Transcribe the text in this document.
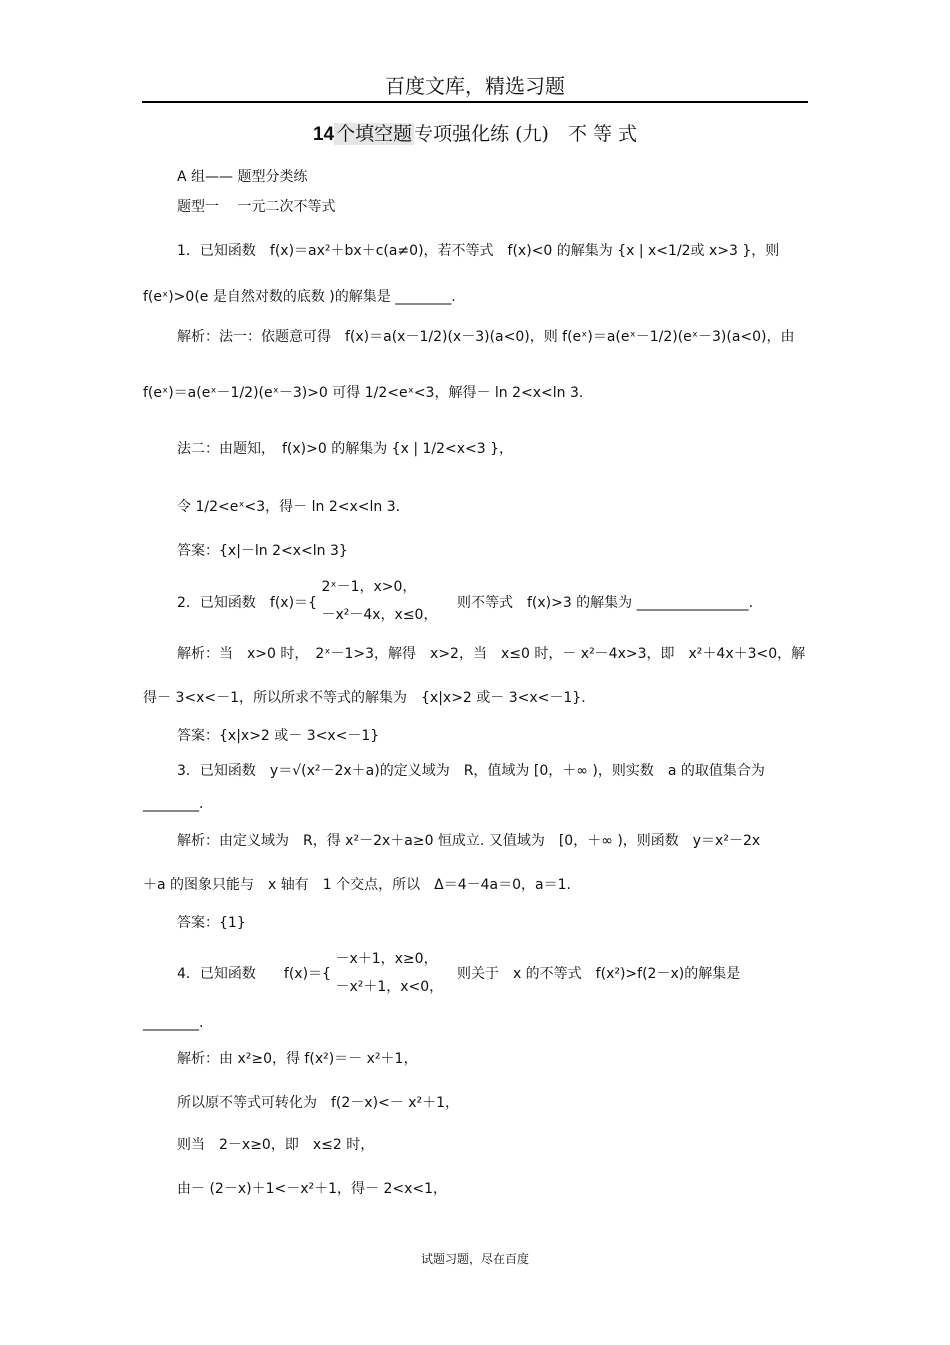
百度文库，精选习题
14 个填空题 专项强化练 (九)　不 等 式
A 组—— 题型分类练
题型一　 一元二次不等式
1．已知函数　f(x)＝ax²＋bx＋c(a≠0)，若不等式　f(x)<0 的解集为 {x | x<1/2或 x>3 }，则
f(eˣ)>0(e 是自然对数的底数 )的解集是 ________.
解析：法一：依题意可得　f(x)＝a(x－1/2)(x－3)(a<0)，则 f(eˣ)＝a(eˣ－1/2)(eˣ－3)(a<0)，由
f(eˣ)＝a(eˣ－1/2)(eˣ－3)>0 可得 1/2<eˣ<3，解得－ ln 2<x<ln 3.
法二：由题知，　f(x)>0 的解集为 {x | 1/2<x<3 }，
令 1/2<eˣ<3，得－ ln 2<x<ln 3.
答案：{x|－ln 2<x<ln 3}
　　　　　　　　　　 2ˣ－1，x>0，
2．已知函数　f(x)＝{　　　　　　　　　　则不等式　f(x)>3 的解集为 ________________.
　　　　　　　　　　 －x²－4x，x≤0，
解析：当　x>0 时，　2ˣ－1>3，解得　x>2，当　x≤0 时，－ x²－4x>3，即　x²＋4x＋3<0，解
得－ 3<x<－1，所以所求不等式的解集为　{x|x>2 或－ 3<x<－1}.
答案：{x|x>2 或－ 3<x<－1}
3．已知函数　y＝√(x²－2x＋a)的定义域为　R，值域为 [0，＋∞ )，则实数　a 的取值集合为
________.
解析：由定义域为　R，得 x²－2x＋a≥0 恒成立. 又值域为　[0，＋∞ )，则函数　y＝x²－2x
＋a 的图象只能与　x 轴有　1 个交点，所以　Δ＝4－4a＝0，a＝1.
答案：{1}
　　　　　　　　　　　 －x＋1，x≥0，
4．已知函数　　f(x)＝{　　　　　　　　　则关于　x 的不等式　f(x²)>f(2－x)的解集是
　　　　　　　　　　　 －x²＋1，x<0，
________.
解析：由 x²≥0，得 f(x²)＝－ x²＋1，
所以原不等式可转化为　f(2－x)<－ x²＋1，
则当　2－x≥0，即　x≤2 时，
由－ (2－x)＋1<－x²＋1，得－ 2<x<1，
试题习题，尽在百度
